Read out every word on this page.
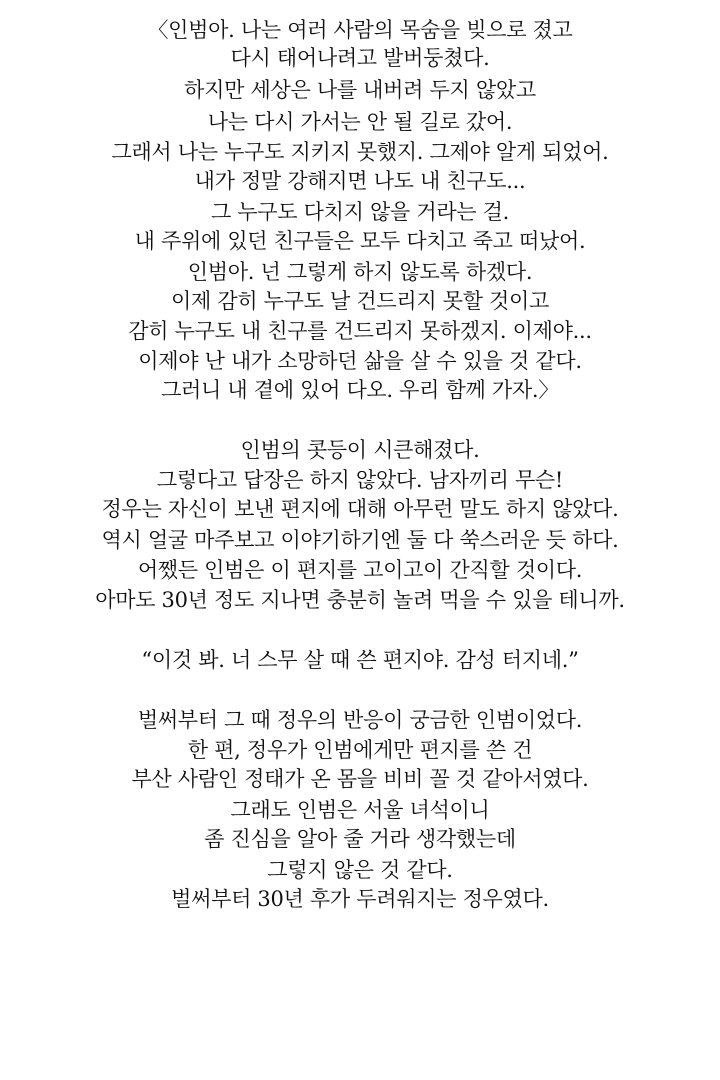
〈인범아. 나는 여러 사람의 목숨을 빚으로 졌고
다시 태어나려고 발버둥쳤다.
하지만 세상은 나를 내버려 두지 않았고
나는 다시 가서는 안 될 길로 갔어.
그래서 나는 누구도 지키지 못했지. 그제야 알게 되었어.
내가 정말 강해지면 나도 내 친구도...
그 누구도 다치지 않을 거라는 걸.
내 주위에 있던 친구들은 모두 다치고 죽고 떠났어.
인범아. 넌 그렇게 하지 않도록 하겠다.
이제 감히 누구도 날 건드리지 못할 것이고
감히 누구도 내 친구를 건드리지 못하겠지. 이제야...
이제야 난 내가 소망하던 삶을 살 수 있을 것 같다.
그러니 내 곁에 있어 다오. 우리 함께 가자.〉
인범의 콧등이 시큰해졌다.
그렇다고 답장은 하지 않았다. 남자끼리 무슨!
정우는 자신이 보낸 편지에 대해 아무런 말도 하지 않았다.
역시 얼굴 마주보고 이야기하기엔 둘 다 쑥스러운 듯 하다.
어쨌든 인범은 이 편지를 고이고이 간직할 것이다.
아마도 30년 정도 지나면 충분히 놀려 먹을 수 있을 테니까.
“이것 봐. 너 스무 살 때 쓴 편지야. 감성 터지네.”
벌써부터 그 때 정우의 반응이 궁금한 인범이었다.
한 편, 정우가 인범에게만 편지를 쓴 건
부산 사람인 정태가 온 몸을 비비 꼴 것 같아서였다.
그래도 인범은 서울 녀석이니
좀 진심을 알아 줄 거라 생각했는데
그렇지 않은 것 같다.
벌써부터 30년 후가 두려워지는 정우였다.
